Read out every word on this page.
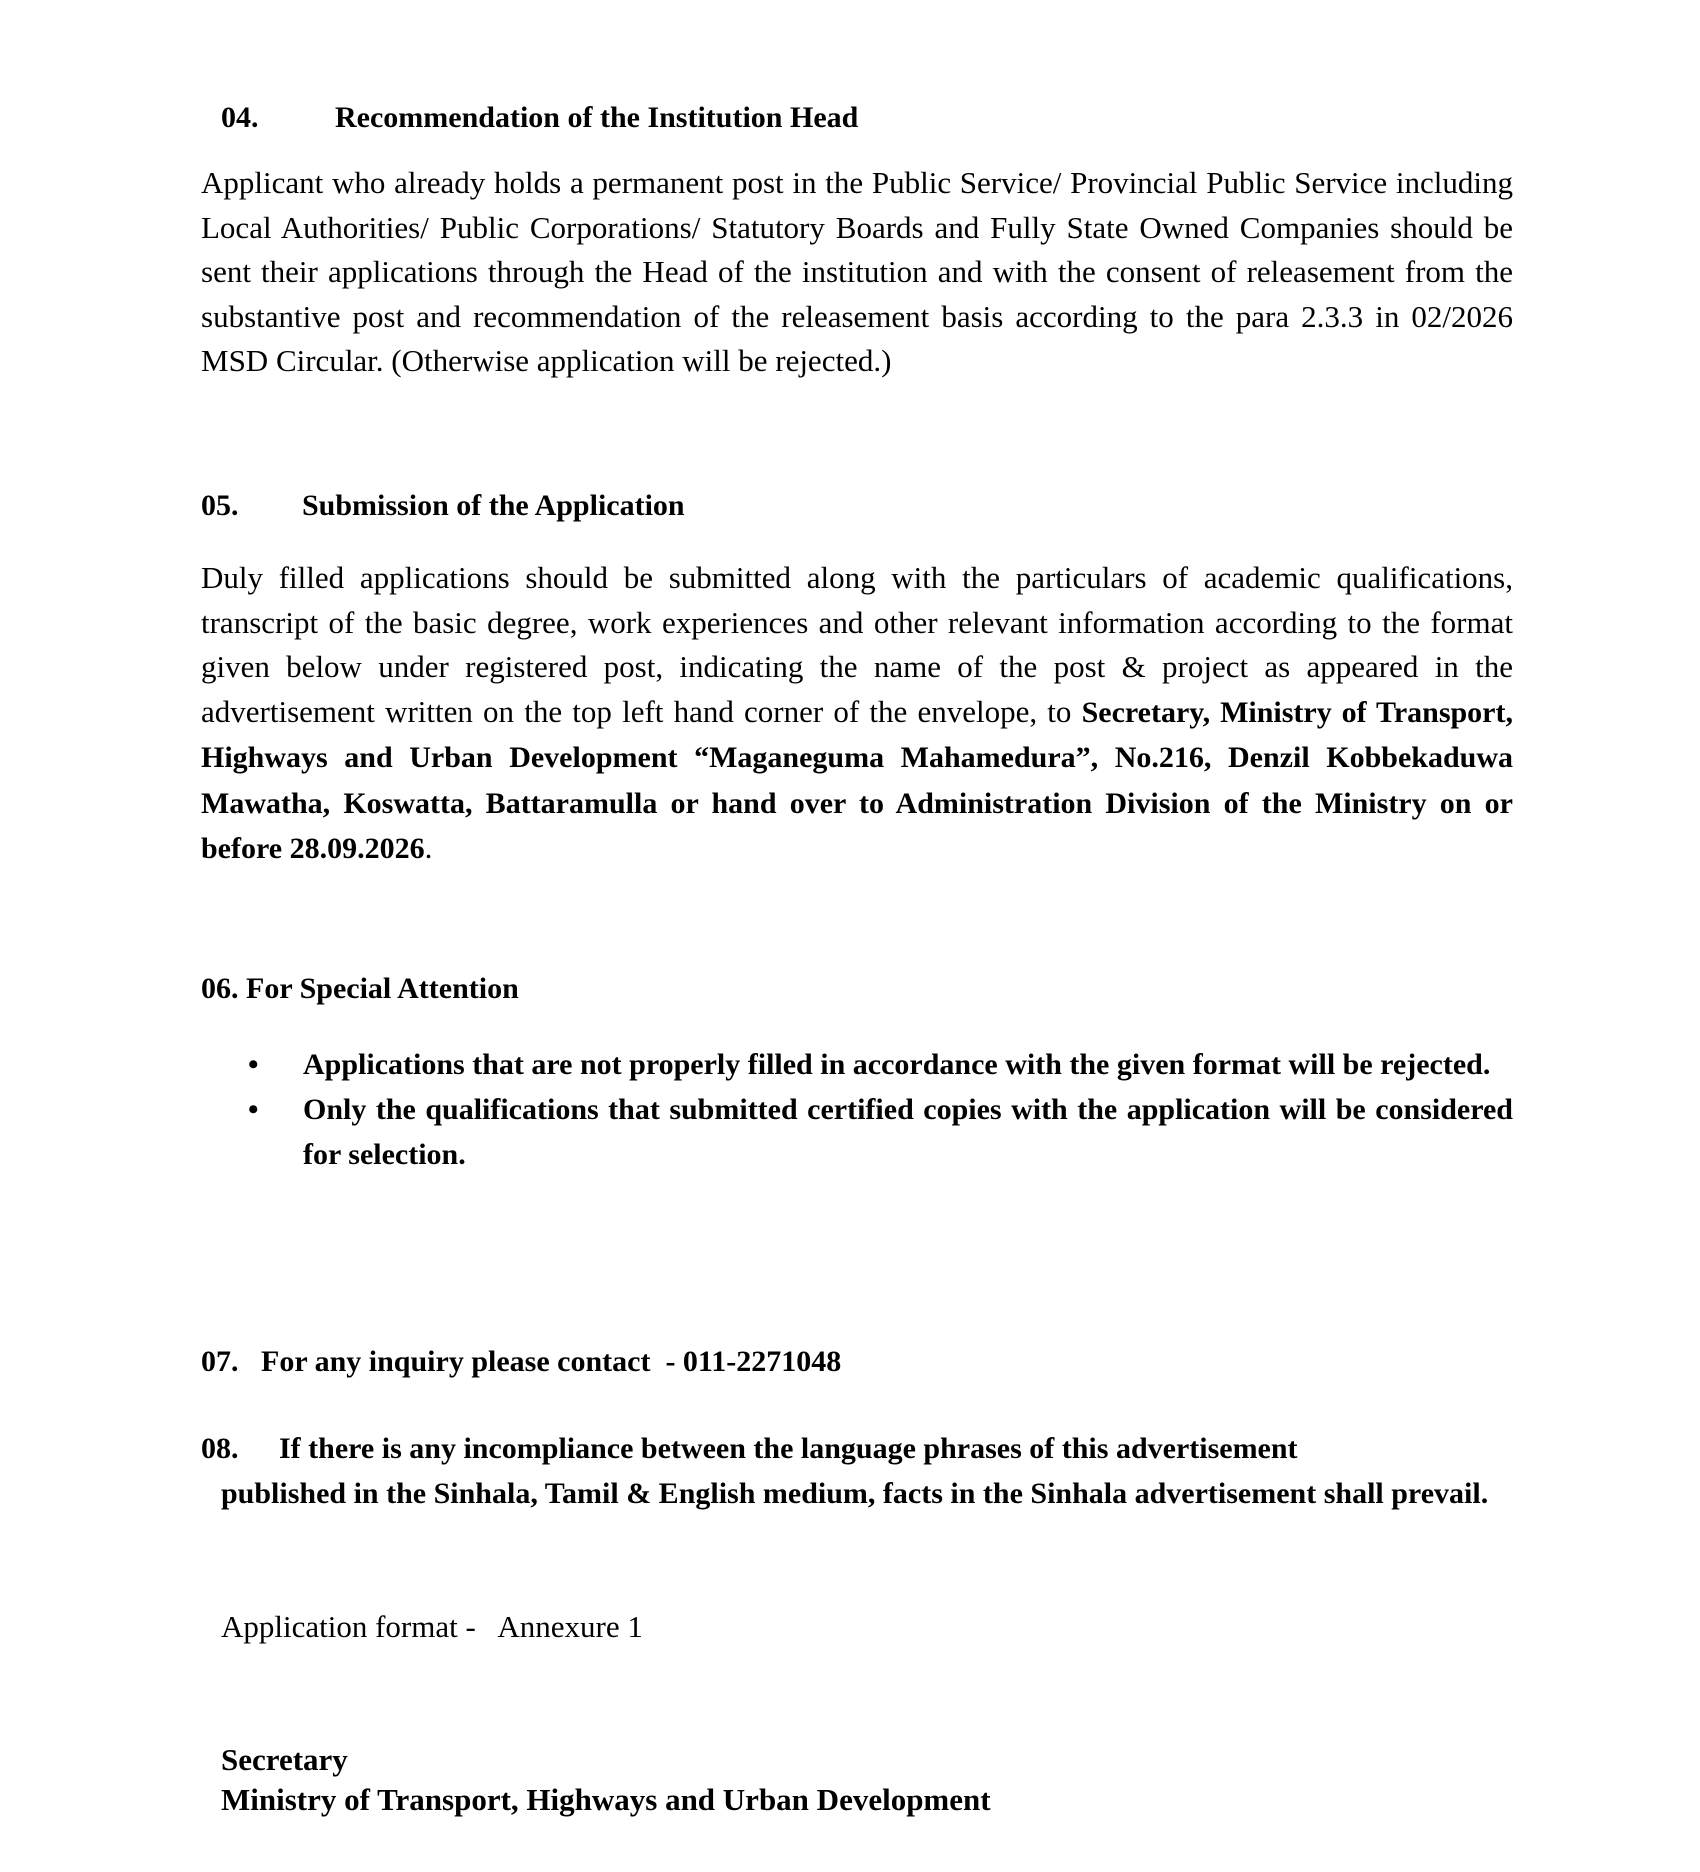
04.	Recommendation of the Institution Head
Applicant who already holds a permanent post in the Public Service/ Provincial Public Service including Local Authorities/ Public Corporations/ Statutory Boards and Fully State Owned Companies should be sent their applications through the Head of the institution and with the consent of releasement from the substantive post and recommendation of the releasement basis according to the para 2.3.3 in 02/2026 MSD Circular. (Otherwise application will be rejected.)
05. Submission of the Application
Duly filled applications should be submitted along with the particulars of academic qualifications, transcript of the basic degree, work experiences and other relevant information according to the format given below under registered post, indicating the name of the post & project as appeared in the advertisement written on the top left hand corner of the envelope, to Secretary, Ministry of Transport, Highways and Urban Development “Maganeguma Mahamedura”, No.216, Denzil Kobbekaduwa Mawatha, Koswatta, Battaramulla or hand over to Administration Division of the Ministry on or before 28.09.2026.
06. For Special Attention
•	Applications that are not properly filled in accordance with the given format will be rejected.
•	Only the qualifications that submitted certified copies with the application will be considered for selection.
07.   For any inquiry please contact  - 011-2271048
08. If there is any incompliance between the language phrases of this advertisement
published in the Sinhala, Tamil & English medium, facts in the Sinhala advertisement shall prevail.
Application format -   Annexure 1
Secretary
Ministry of Transport, Highways and Urban Development
